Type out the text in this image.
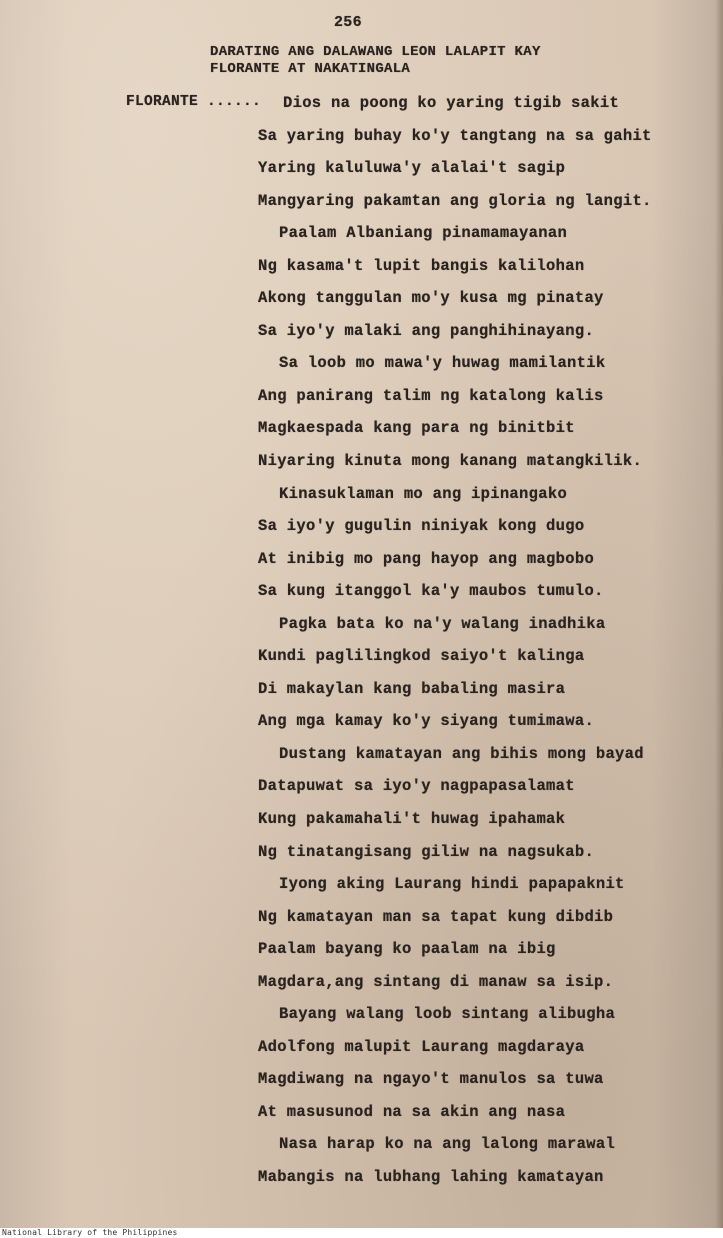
256
DARATING ANG DALAWANG LEON LALAPIT KAY
FLORANTE AT NAKATINGALA
FLORANTE ...... Dios na poong ko yaring tigib sakit
Sa yaring buhay ko'y tangtang na sa gahit
Yaring kaluluwa'y alalai't sagip
Mangyaring pakamtan ang gloria ng langit.
Paalam Albaniang pinamamayanan
Ng kasama't lupit bangis kalilohan
Akong tanggulan mo'y kusa mg pinatay
Sa iyo'y malaki ang panghihinayang.
Sa loob mo mawa'y huwag mamilantik
Ang panirang talim ng katalong kalis
Magkaespada kang para ng binitbit
Niyaring kinuta mong kanang matangkilik.
Kinasuklaman mo ang ipinangako
Sa iyo'y gugulin niniyak kong dugo
At inibig mo pang hayop ang magbobo
Sa kung itanggol ka'y maubos tumulo.
Pagka bata ko na'y walang inadhika
Kundi paglilingkod saiyo't kalinga
Di makaylan kang babaling masira
Ang mga kamay ko'y siyang tumimawa.
Dustang kamatayan ang bihis mong bayad
Datapuwat sa iyo'y nagpapasalamat
Kung pakamahali't huwag ipahamak
Ng tinatangisang giliw na nagsukab.
Iyong aking Laurang hindi papapaknit
Ng kamatayan man sa tapat kung dibdib
Paalam bayang ko paalam na ibig
Magdara,ang sintang di manaw sa isip.
Bayang walang loob sintang alibugha
Adolfong malupit Laurang magdaraya
Magdiwang na ngayo't manulos sa tuwa
At masusunod na sa akin ang nasa
Nasa harap ko na ang lalong marawal
Mabangis na lubhang lahing kamatayan
National Library of the Philippines
